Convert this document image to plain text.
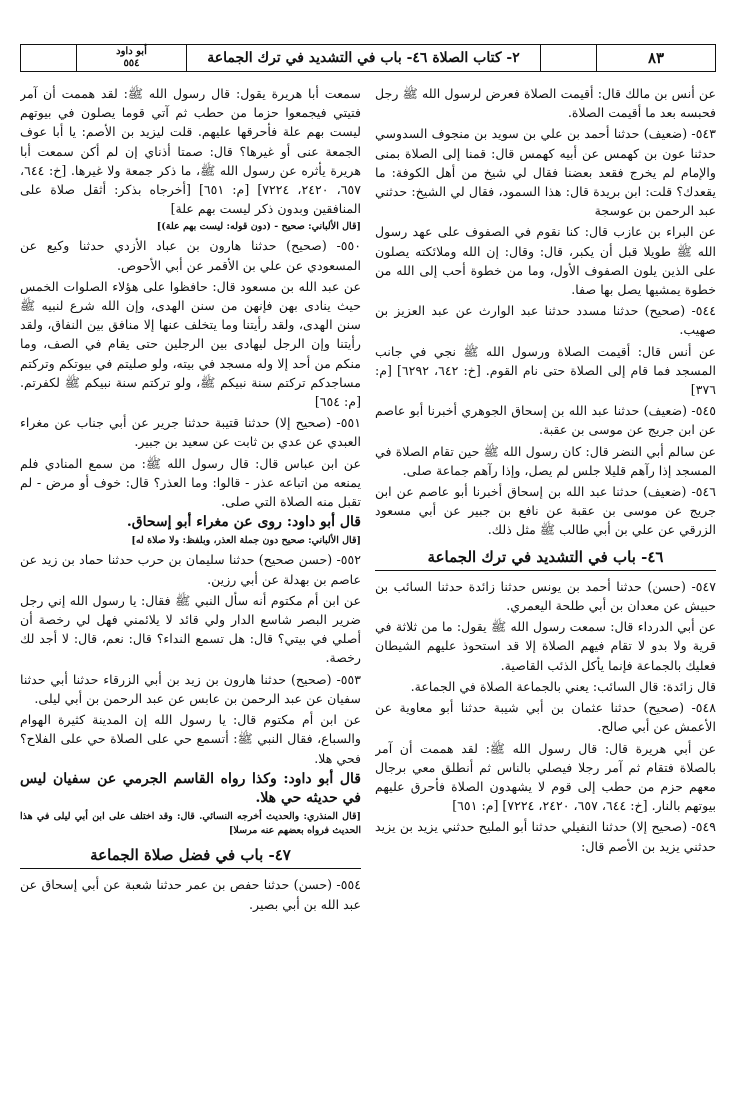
أبو داود
٥٥٤	٢- كتاب الصلاة ٤٦- باب في التشديد في ترك الجماعة	٨٣

عن أنس بن مالك قال: أقيمت الصلاة فعرض لرسول الله ﷺ رجل فحبسه بعد ما أقيمت الصلاة.

٥٤٣- (ضعيف) حدثنا أحمد بن علي بن سويد بن منجوف السدوسي حدثنا عون بن كهمس عن أبيه كهمس قال: قمنا إلى الصلاة بمنى والإمام لم يخرج فقعد بعضنا فقال لي شيخ من أهل الكوفة: ما يقعدك؟ قلت: ابن بريدة قال: هذا السمود، فقال لي الشيخ: حدثني عبد الرحمن بن عوسجة

عن البراء بن عازب قال: كنا نقوم في الصفوف على عهد رسول الله ﷺ طويلا قبل أن يكبر، قال: وقال: إن الله وملائكته يصلون على الذين يلون الصفوف الأول، وما من خطوة أحب إلى الله من خطوة يمشيها يصل بها صفا.

٥٤٤- (صحيح) حدثنا مسدد حدثنا عبد الوارث عن عبد العزيز بن صهيب.

عن أنس قال: أقيمت الصلاة ورسول الله ﷺ نجي في جانب المسجد فما قام إلى الصلاة حتى نام القوم. [خ: ٦٤٢، ٦٢٩٢] [م: ٣٧٦]

٥٤٥- (ضعيف) حدثنا عبد الله بن إسحاق الجوهري أخبرنا أبو عاصم عن ابن جريج عن موسى بن عقبة.

عن سالم أبي النضر قال: كان رسول الله ﷺ حين تقام الصلاة في المسجد إذا رآهم قليلا جلس لم يصل، وإذا رآهم جماعة صلى.

٥٤٦- (ضعيف) حدثنا عبد الله بن إسحاق أخبرنا أبو عاصم عن ابن جريج عن موسى بن عقبة عن نافع بن جبير عن أبي مسعود الزرقي عن علي بن أبي طالب ﷺ مثل ذلك.

٤٦- باب في التشديد في ترك الجماعة

٥٤٧- (حسن) حدثنا أحمد بن يونس حدثنا زائدة حدثنا السائب بن حبيش عن معدان بن أبي طلحة اليعمري.

عن أبي الدرداء قال: سمعت رسول الله ﷺ يقول: ما من ثلاثة في قرية ولا بدو لا تقام فيهم الصلاة إلا قد استحوذ عليهم الشيطان فعليك بالجماعة فإنما يأكل الذئب القاصية.

قال زائدة: قال السائب: يعني بالجماعة الصلاة في الجماعة.

٥٤٨- (صحيح) حدثنا عثمان بن أبي شيبة حدثنا أبو معاوية عن الأعمش عن أبي صالح.

عن أبي هريرة قال: قال رسول الله ﷺ: لقد هممت أن آمر بالصلاة فتقام ثم آمر رجلا فيصلي بالناس ثم أنطلق معي برجال معهم حزم من حطب إلى قوم لا يشهدون الصلاة فأحرق عليهم بيوتهم بالنار. [خ: ٦٤٤، ٦٥٧، ٢٤٢٠، ٧٢٢٤] [م: ٦٥١]

٥٤٩- (صحيح إلا) حدثنا النفيلي حدثنا أبو المليح حدثني يزيد بن يزيد حدثني يزيد بن الأصم قال:

سمعت أبا هريرة يقول: قال رسول الله ﷺ: لقد هممت أن آمر فتيتي فيجمعوا حزما من حطب ثم آتي قوما يصلون في بيوتهم ليست بهم علة فأحرقها عليهم. قلت ليزيد بن الأصم: يا أبا عوف الجمعة عنى أو غيرها؟ قال: صمتا أذناي إن لم أكن سمعت أبا هريرة يأثره عن رسول الله ﷺ، ما ذكر جمعة ولا غيرها. [خ: ٦٤٤، ٦٥٧، ٢٤٢٠، ٧٢٢٤] [م: ٦٥١] [أخرجاه بذكر: أثقل صلاة على المنافقين وبدون ذكر ليست بهم علة]

[قال الألباني: صحيح - (دون قوله: ليست بهم علة)]

٥٥٠- (صحيح) حدثنا هارون بن عباد الأزدي حدثنا وكيع عن المسعودي عن علي بن الأقمر عن أبي الأحوص.

عن عبد الله بن مسعود قال: حافظوا على هؤلاء الصلوات الخمس حيث ينادى بهن فإنهن من سنن الهدى، وإن الله شرع لنبيه ﷺ سنن الهدى، ولقد رأيتنا وما يتخلف عنها إلا منافق بين النفاق، ولقد رأيتنا وإن الرجل ليهادى بين الرجلين حتى يقام في الصف، وما منكم من أحد إلا وله مسجد في بيته، ولو صليتم في بيوتكم وتركتم مساجدكم تركتم سنة نبيكم ﷺ، ولو تركتم سنة نبيكم ﷺ لكفرتم. [م: ٦٥٤]

٥٥١- (صحيح إلا) حدثنا قتيبة حدثنا جرير عن أبي جناب عن مغراء العبدي عن عدي بن ثابت عن سعيد بن جبير.

عن ابن عباس قال: قال رسول الله ﷺ: من سمع المنادي فلم يمنعه من اتباعه عذر - قالوا: وما العذر؟ قال: خوف أو مرض - لم تقبل منه الصلاة التي صلى.

قال أبو داود: روى عن مغراء أبو إسحاق.

[قال الألباني: صحيح دون جملة العذر، وبلفظ: ولا صلاة له]

٥٥٢- (حسن صحيح) حدثنا سليمان بن حرب حدثنا حماد بن زيد عن عاصم بن بهدلة عن أبي رزين.

عن ابن أم مكتوم أنه سأل النبي ﷺ فقال: يا رسول الله إني رجل ضرير البصر شاسع الدار ولي قائد لا يلائمني فهل لي رخصة أن أصلي في بيتي؟ قال: هل تسمع النداء؟ قال: نعم، قال: لا أجد لك رخصة.

٥٥٣- (صحيح) حدثنا هارون بن زيد بن أبي الزرقاء حدثنا أبي حدثنا سفيان عن عبد الرحمن بن عابس عن عبد الرحمن بن أبي ليلى.

عن ابن أم مكتوم قال: يا رسول الله إن المدينة كثيرة الهوام والسباع، فقال النبي ﷺ: أتسمع حي على الصلاة حي على الفلاح؟ فحي هلا.

قال أبو داود: وكذا رواه القاسم الجرمي عن سفيان ليس في حديثه حي هلا.

[قال المنذري: والحديث أخرجه النسائي. قال: وقد اختلف على ابن أبي ليلى في هذا الحديث فرواه بعضهم عنه مرسلا]

٤٧- باب في فضل صلاة الجماعة

٥٥٤- (حسن) حدثنا حفص بن عمر حدثنا شعبة عن أبي إسحاق عن عبد الله بن أبي بصير.
